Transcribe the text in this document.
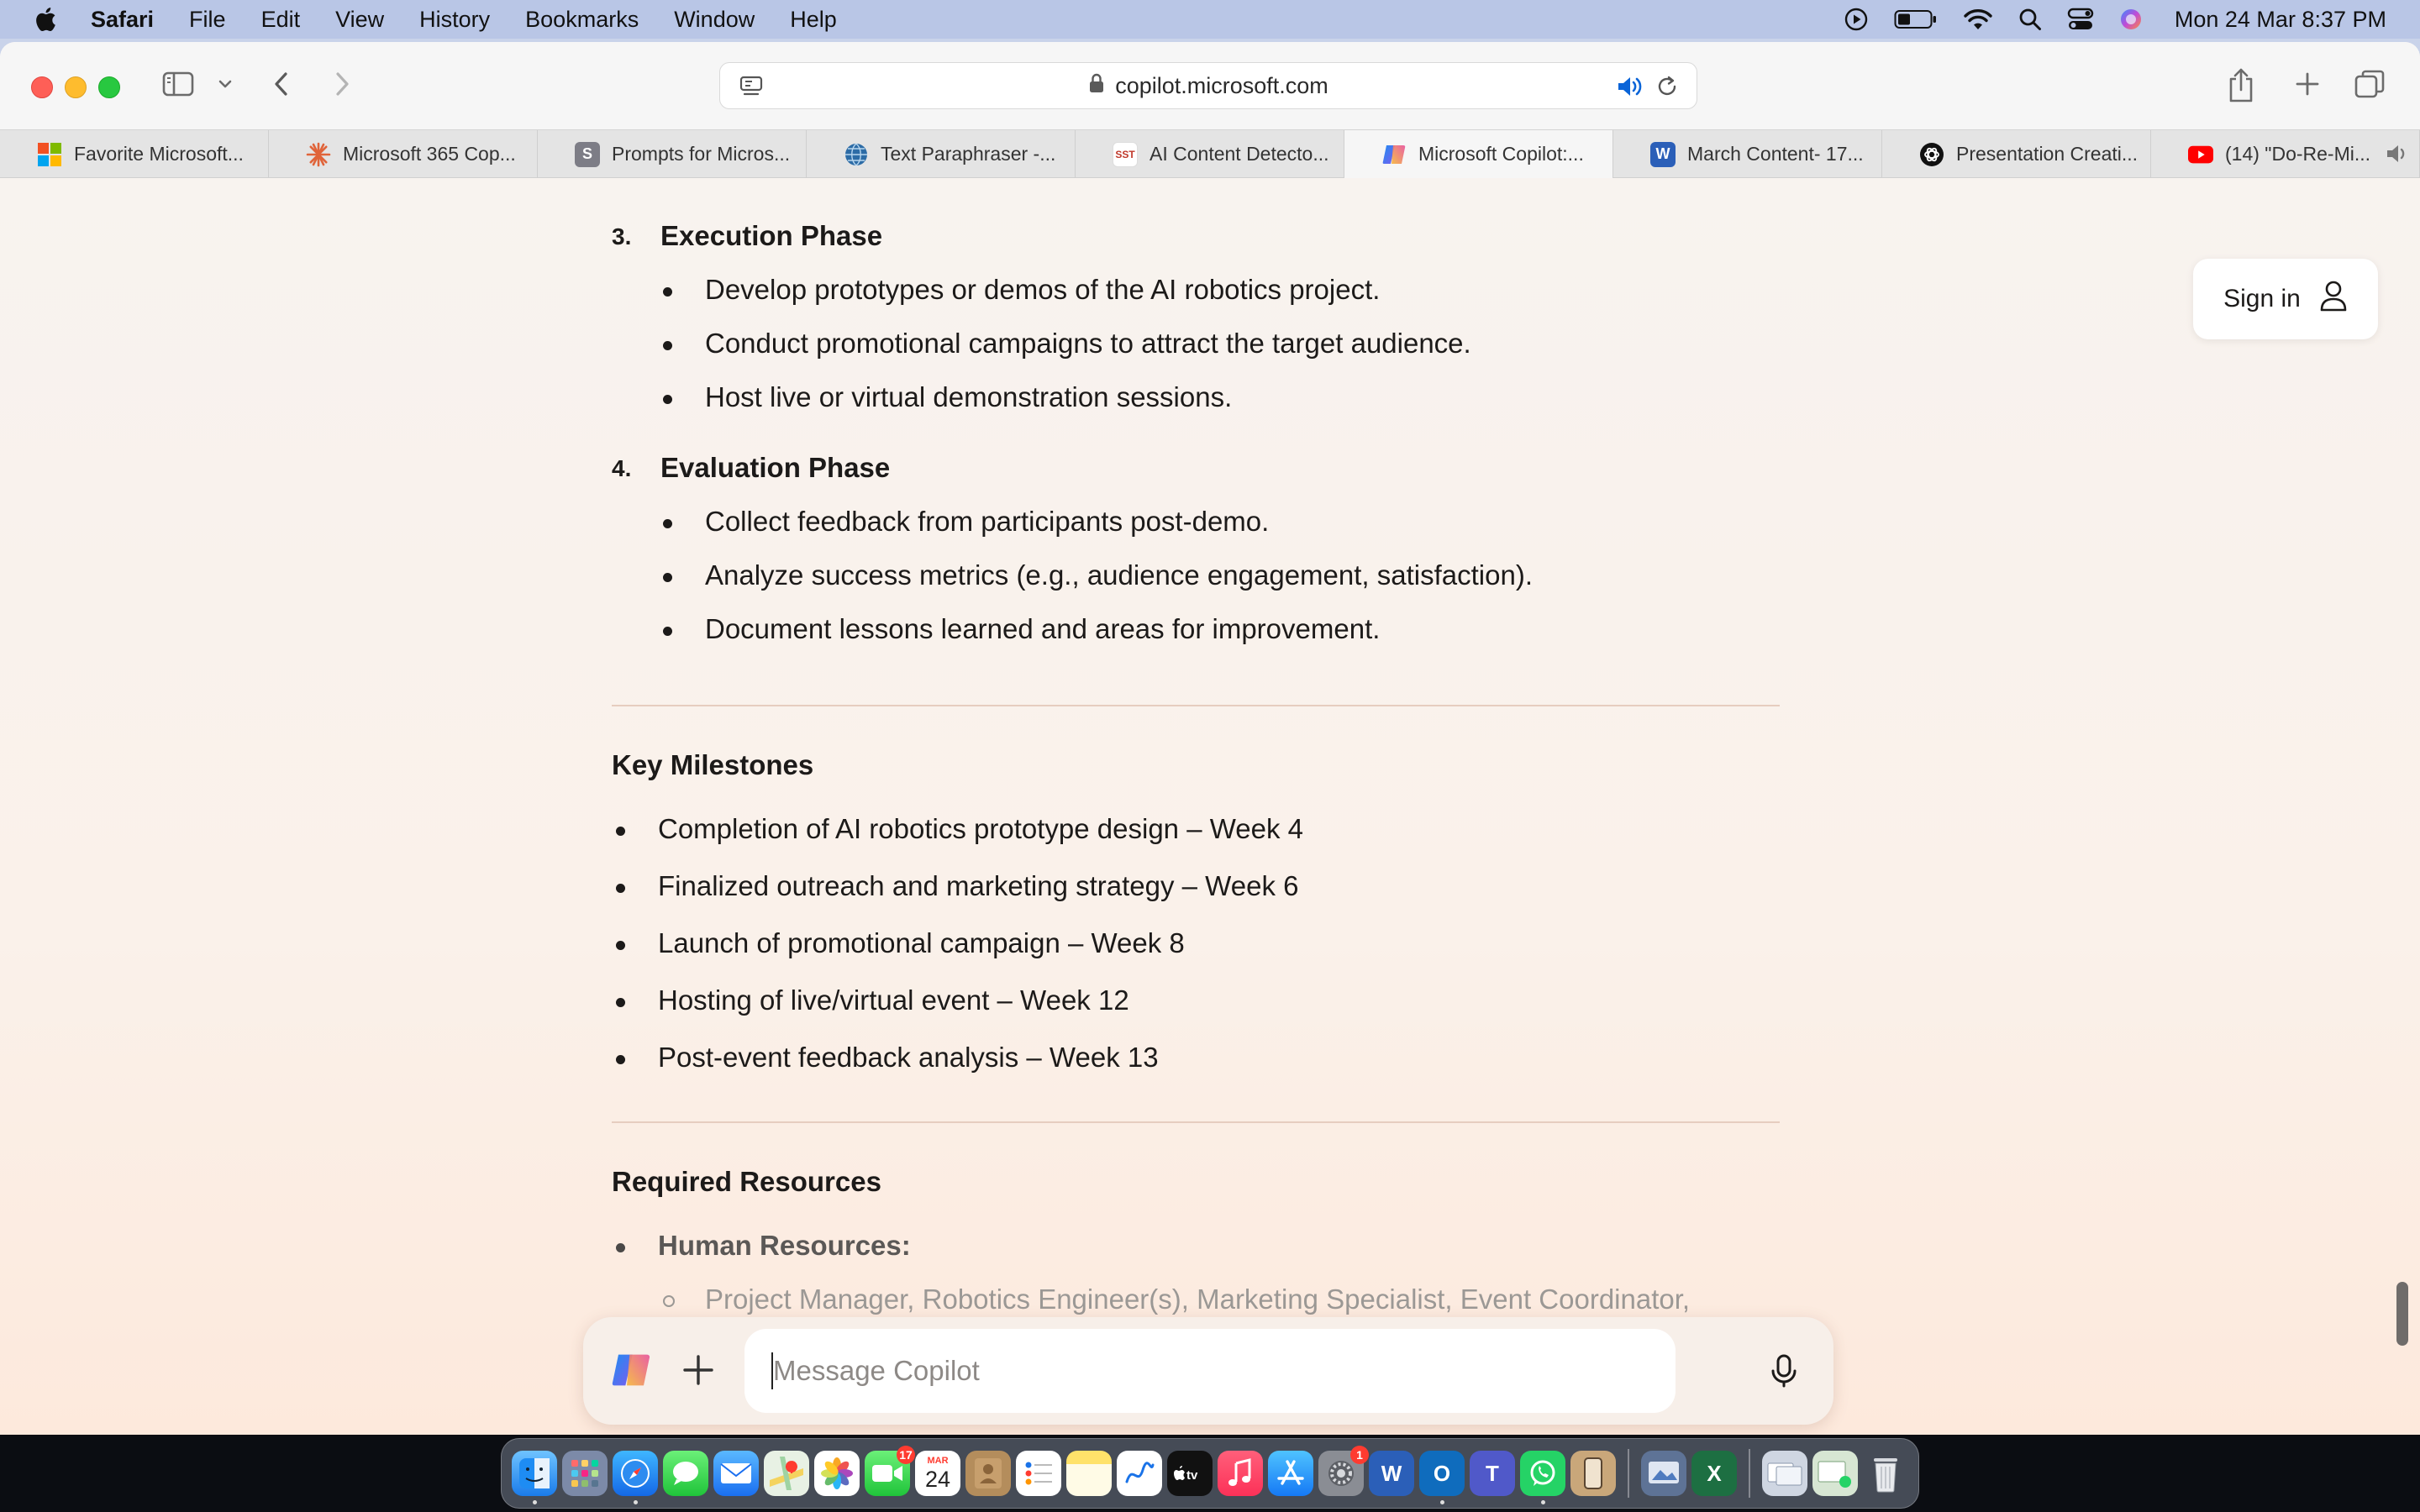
Safari	File	Edit	View	History	Bookmarks	Window	Help	Mon 24 Mar 8:37 PM
copilot.microsoft.com
Favorite Microsoft...	Microsoft 365 Cop...	S	Prompts for Micros...	Text Paraphraser -...	SST AI Content Detecto...	Microsoft Copilot:...	W March Content- 17...	Presentation Creati...	(14) "Do-Re-Mi...
3. Execution Phase
Develop prototypes or demos of the AI robotics project.
Conduct promotional campaigns to attract the target audience.
Host live or virtual demonstration sessions.
4. Evaluation Phase
Collect feedback from participants post-demo.
Analyze success metrics (e.g., audience engagement, satisfaction).
Document lessons learned and areas for improvement.
Key Milestones
Completion of AI robotics prototype design – Week 4
Finalized outreach and marketing strategy – Week 6
Launch of promotional campaign – Week 8
Hosting of live/virtual event – Week 12
Post-event feedback analysis – Week 13
Required Resources
Human Resources:
Project Manager, Robotics Engineer(s), Marketing Specialist, Event Coordinator,
Sign in
Message Copilot
17 MAR
24	tv
1
W O T	X
